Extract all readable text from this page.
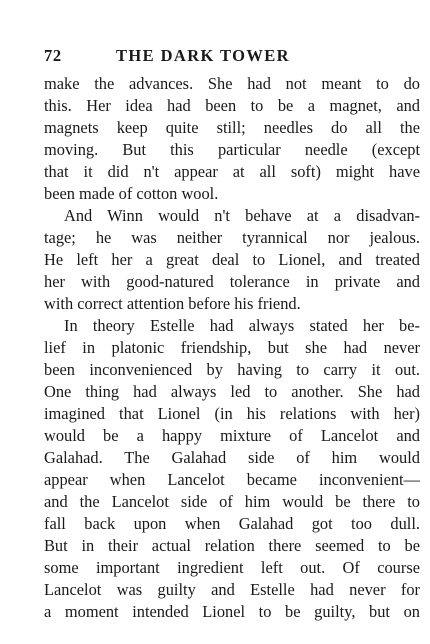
72	THE DARK TOWER
make the advances. She had not meant to do
this. Her idea had been to be a magnet, and
magnets keep quite still; needles do all the
moving. But this particular needle (except
that it did n't appear at all soft) might have
been made of cotton wool.
And Winn would n't behave at a disadvan-
tage; he was neither tyrannical nor jealous.
He left her a great deal to Lionel, and treated
her with good-natured tolerance in private and
with correct attention before his friend.
In theory Estelle had always stated her be-
lief in platonic friendship, but she had never
been inconvenienced by having to carry it out.
One thing had always led to another. She had
imagined that Lionel (in his relations with her)
would be a happy mixture of Lancelot and
Galahad. The Galahad side of him would
appear when Lancelot became inconvenient—
and the Lancelot side of him would be there to
fall back upon when Galahad got too dull.
But in their actual relation there seemed to be
some important ingredient left out. Of course
Lancelot was guilty and Estelle had never for
a moment intended Lionel to be guilty, but on
